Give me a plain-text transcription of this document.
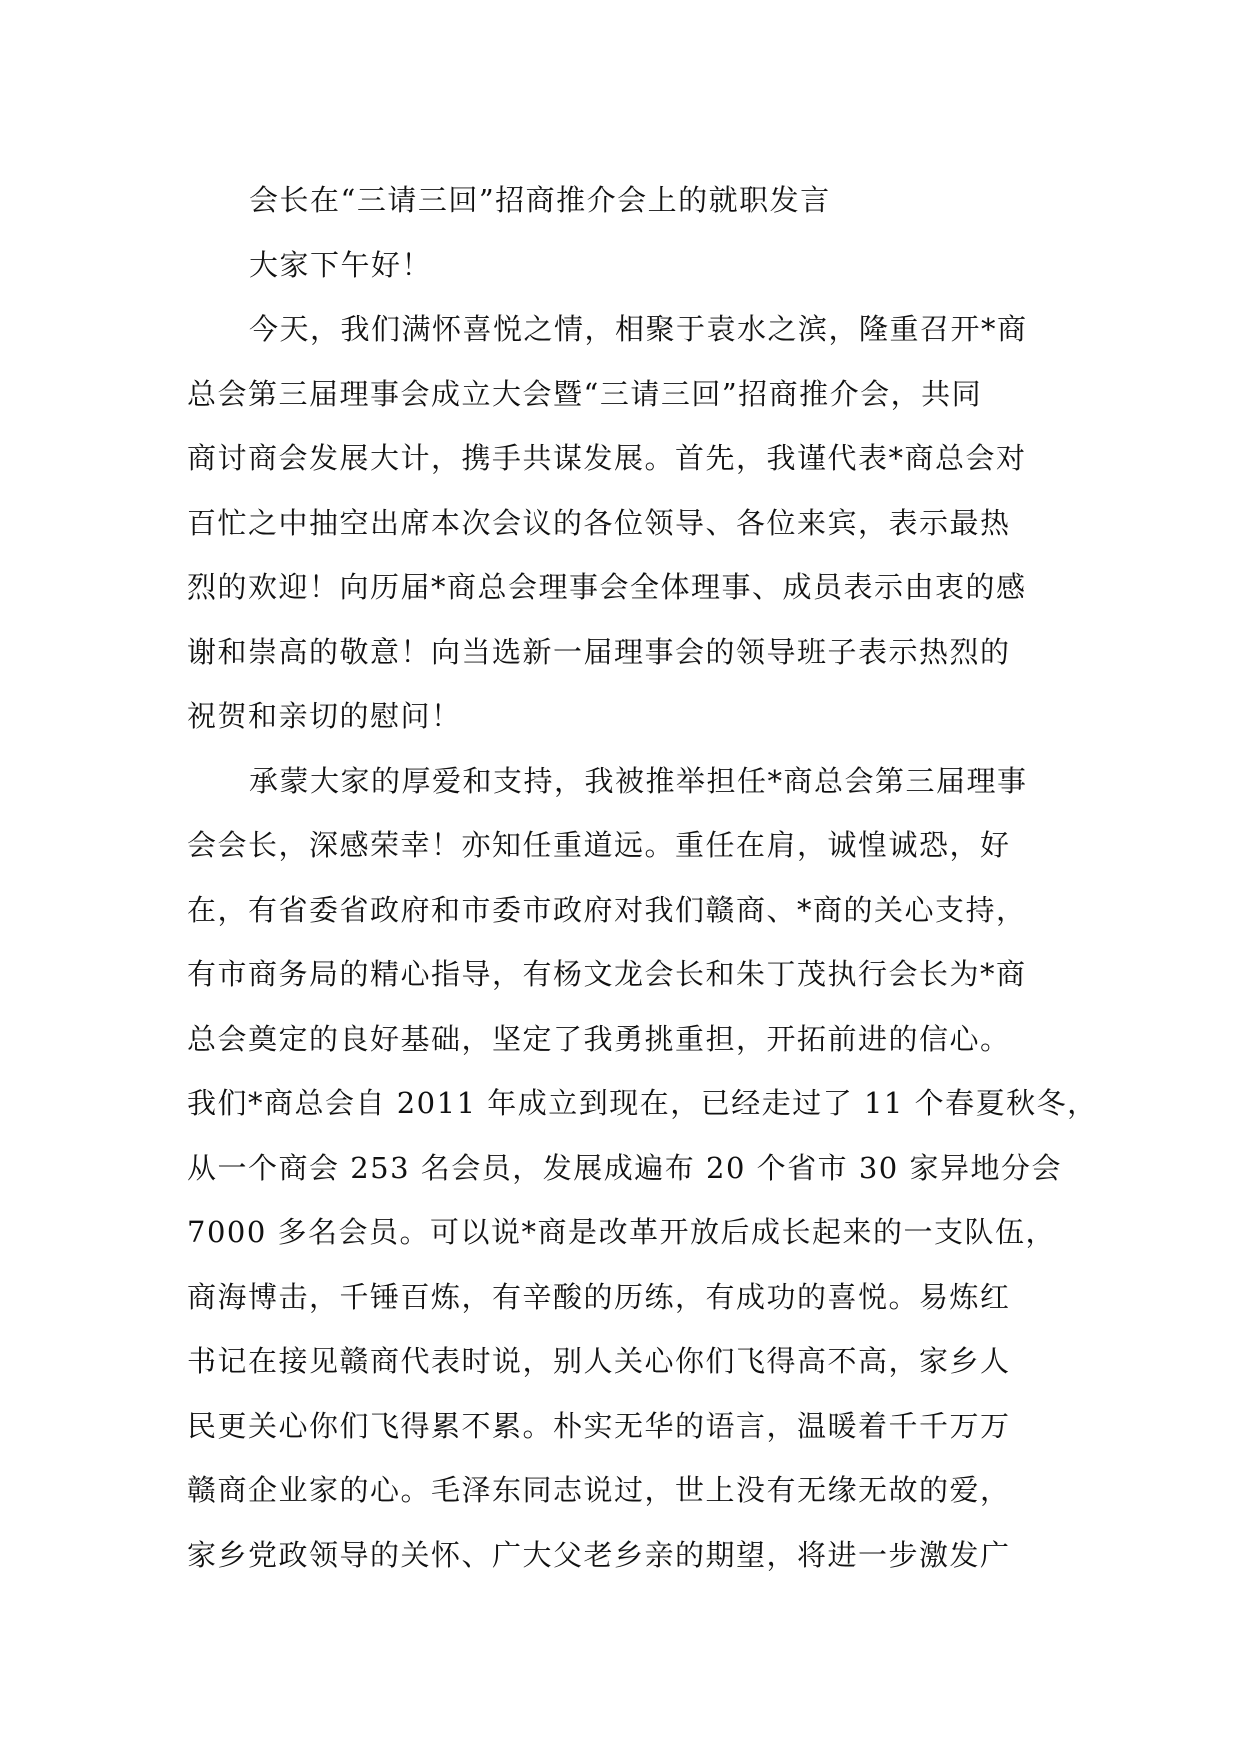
会长在“三请三回”招商推介会上的就职发言
大家下午好！
今天，我们满怀喜悦之情，相聚于袁水之滨，隆重召开*商
总会第三届理事会成立大会暨“三请三回”招商推介会，共同
商讨商会发展大计，携手共谋发展。首先，我谨代表*商总会对
百忙之中抽空出席本次会议的各位领导、各位来宾，表示最热
烈的欢迎！向历届*商总会理事会全体理事、成员表示由衷的感
谢和崇高的敬意！向当选新一届理事会的领导班子表示热烈的
祝贺和亲切的慰问！
承蒙大家的厚爱和支持，我被推举担任*商总会第三届理事
会会长，深感荣幸！亦知任重道远。重任在肩，诚惶诚恐，好
在，有省委省政府和市委市政府对我们赣商、*商的关心支持，
有市商务局的精心指导，有杨文龙会长和朱丁茂执行会长为*商
总会奠定的良好基础，坚定了我勇挑重担，开拓前进的信心。
我们*商总会自 2011 年成立到现在，已经走过了 11 个春夏秋冬，
从一个商会 253 名会员，发展成遍布 20 个省市 30 家异地分会
7000 多名会员。可以说*商是改革开放后成长起来的一支队伍，
商海博击，千锤百炼，有辛酸的历练，有成功的喜悦。易炼红
书记在接见赣商代表时说，别人关心你们飞得高不高，家乡人
民更关心你们飞得累不累。朴实无华的语言，温暖着千千万万
赣商企业家的心。毛泽东同志说过，世上没有无缘无故的爱，
家乡党政领导的关怀、广大父老乡亲的期望，将进一步激发广
